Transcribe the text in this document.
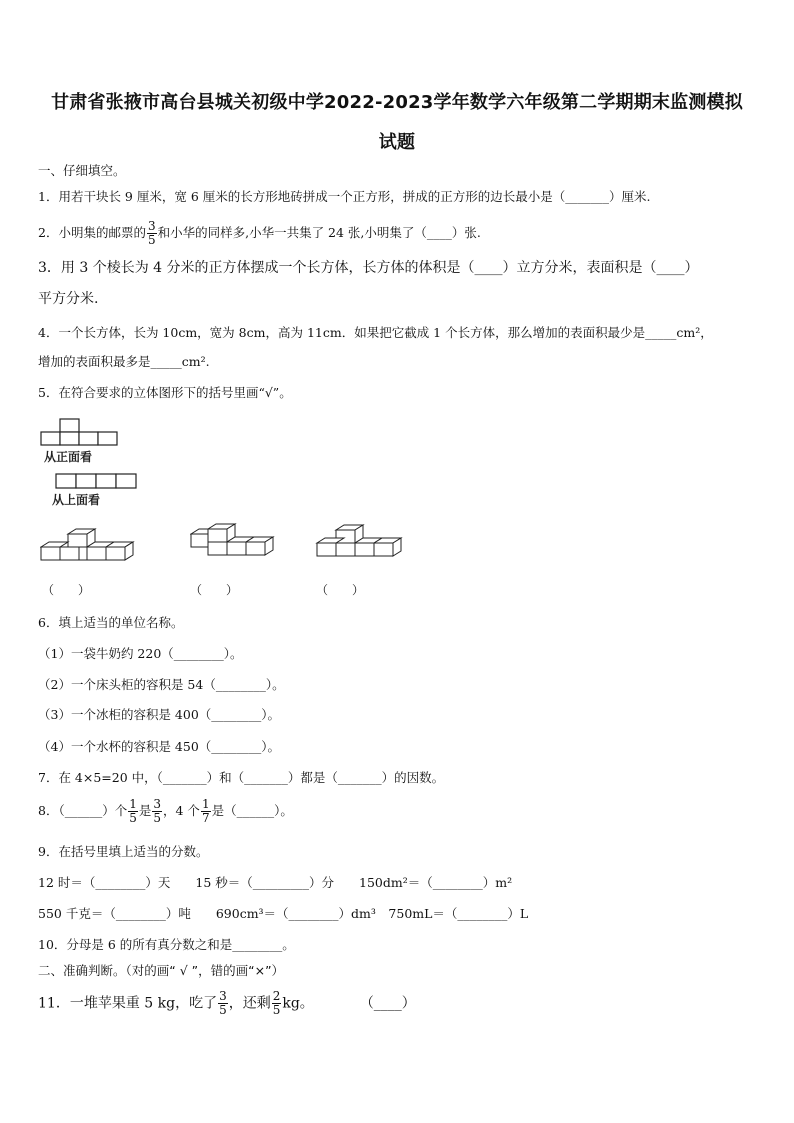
甘肃省张掖市高台县城关初级中学2022-2023学年数学六年级第二学期期末监测模拟
试题
一、仔细填空。
1．用若干块长 9 厘米，宽 6 厘米的长方形地砖拼成一个正方形，拼成的正方形的边长最小是（_______）厘米.
2．小明集的邮票的 $\frac{3}{5}$ 和小华的同样多,小华一共集了 24 张,小明集了（____）张.
3．用 3 个棱长为 4 分米的正方体摆成一个长方体，长方体的体积是（____）立方分米，表面积是（____）
平方分米.
4．一个长方体，长为 10cm，宽为 8cm，高为 11cm．如果把它截成 1 个长方体，那么增加的表面积最少是_____cm²，
增加的表面积最多是_____cm².
5．在符合要求的立体图形下的括号里画“√”。
从正面看
从上面看
（　　）	（　　）	（　　）
6．填上适当的单位名称。
（1）一袋牛奶约 220（________）。
（2）一个床头柜的容积是 54（________）。
（3）一个冰柜的容积是 400（________）。
（4）一个水杯的容积是 450（________）。
7．在 4×5=20 中，（_______）和（_______）都是（_______）的因数。
8．（______）个 $\frac{1}{5}$ 是 $\frac{3}{5}$ ，4 个 $\frac{1}{7}$ 是（______）。
9．在括号里填上适当的分数。
12 时＝（________）天　　15 秒＝（_________）分　　150dm²＝（________）m²
550 千克＝（________）吨　　690cm³＝（________）dm³　750mL＝（________）L
10．分母是 6 的所有真分数之和是________。
二、准确判断。（对的画“ √ ”，错的画“×”）
11．一堆苹果重 5 kg，吃了 $\frac{3}{5}$ ，还剩 $\frac{2}{5}$ kg。	（____）
